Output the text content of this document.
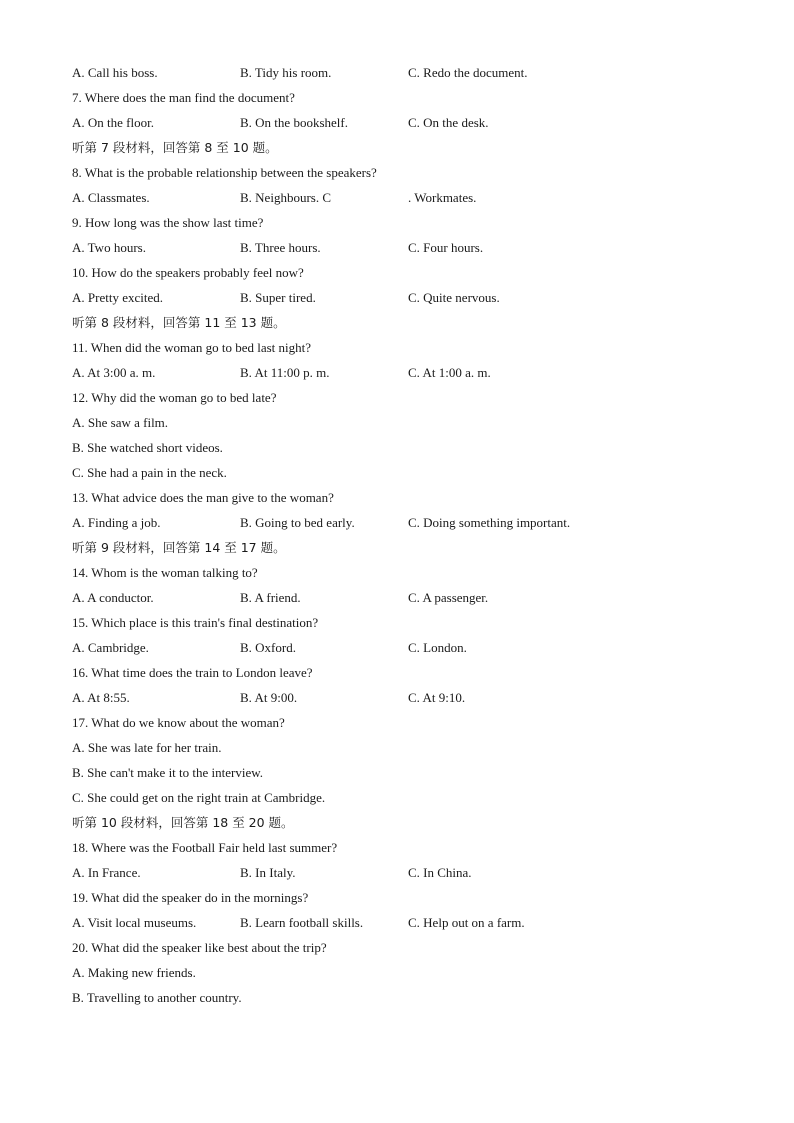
A. Call his boss.	B. Tidy his room.	C. Redo the document.
7. Where does the man find the document?
A. On the floor.	B. On the bookshelf.	C. On the desk.
听第 7 段材料，回答第 8 至 10 题。
8. What is the probable relationship between the speakers?
A. Classmates.	B. Neighbours. C	. Workmates.
9. How long was the show last time?
A. Two hours.	B. Three hours.	C. Four hours.
10. How do the speakers probably feel now?
A. Pretty excited.	B. Super tired.	C. Quite nervous.
听第 8 段材料，回答第 11 至 13 题。
11. When did the woman go to bed last night?
A. At 3:00 a. m.	B. At 11:00 p. m.	C. At 1:00 a. m.
12. Why did the woman go to bed late?
A. She saw a film.
B. She watched short videos.
C. She had a pain in the neck.
13. What advice does the man give to the woman?
A. Finding a job.	B. Going to bed early.	C. Doing something important.
听第 9 段材料，回答第 14 至 17 题。
14. Whom is the woman talking to?
A. A conductor.	B. A friend.	C. A passenger.
15. Which place is this train's final destination?
A. Cambridge.	B. Oxford.	C. London.
16. What time does the train to London leave?
A. At 8:55.	B. At 9:00.	C. At 9:10.
17. What do we know about the woman?
A. She was late for her train.
B. She can't make it to the interview.
C. She could get on the right train at Cambridge.
听第 10 段材料，回答第 18 至 20 题。
18. Where was the Football Fair held last summer?
A. In France.	B. In Italy.	C. In China.
19. What did the speaker do in the mornings?
A. Visit local museums.	B. Learn football skills.	C. Help out on a farm.
20. What did the speaker like best about the trip?
A. Making new friends.
B. Travelling to another country.
